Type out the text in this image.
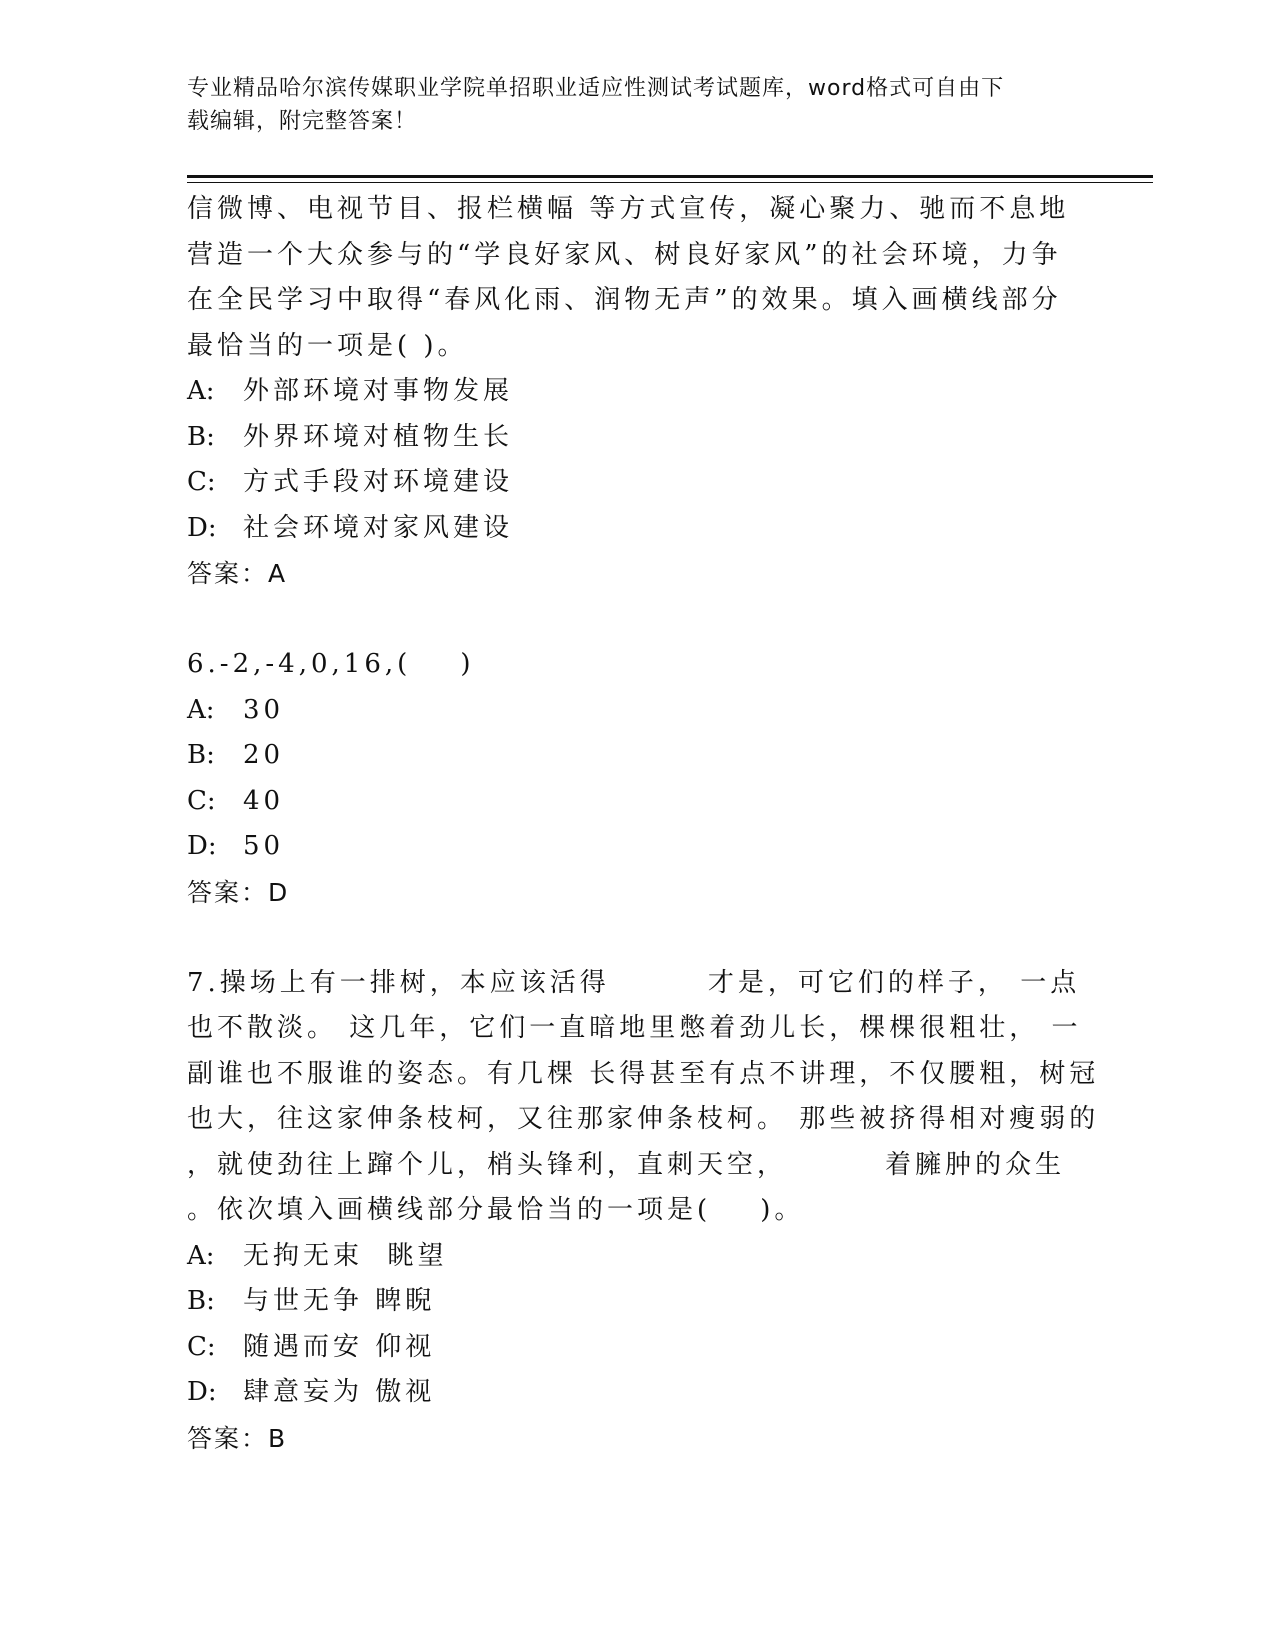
专业精品哈尔滨传媒职业学院单招职业适应性测试考试题库，word格式可自由下
载编辑，附完整答案！
信微博、电视节目、报栏横幅 等方式宣传，凝心聚力、驰而不息地
营造一个大众参与的“学良好家风、树良好家风”的社会环境，力争
在全民学习中取得“春风化雨、润物无声”的效果。填入画横线部分
最恰当的一项是( )。
A: 外部环境对事物发展
B: 外界环境对植物生长
C: 方式手段对环境建设
D: 社会环境对家风建设
答案：A
6.-2,-4,0,16,(    )
A: 30
B: 20
C: 40
D: 50
答案：D
7.操场上有一排树，本应该活得        才是，可它们的样子， 一点
也不散淡。 这几年，它们一直暗地里憋着劲儿长，棵棵很粗壮， 一
副谁也不服谁的姿态。有几棵 长得甚至有点不讲理，不仅腰粗，树冠
也大，往这家伸条枝柯，又往那家伸条枝柯。 那些被挤得相对瘦弱的
，就使劲往上蹿个儿，梢头锋利，直刺天空，        着臃肿的众生
。依次填入画横线部分最恰当的一项是(    )。
A: 无拘无束  眺望
B: 与世无争 睥睨
C: 随遇而安 仰视
D: 肆意妄为 傲视
答案：B
